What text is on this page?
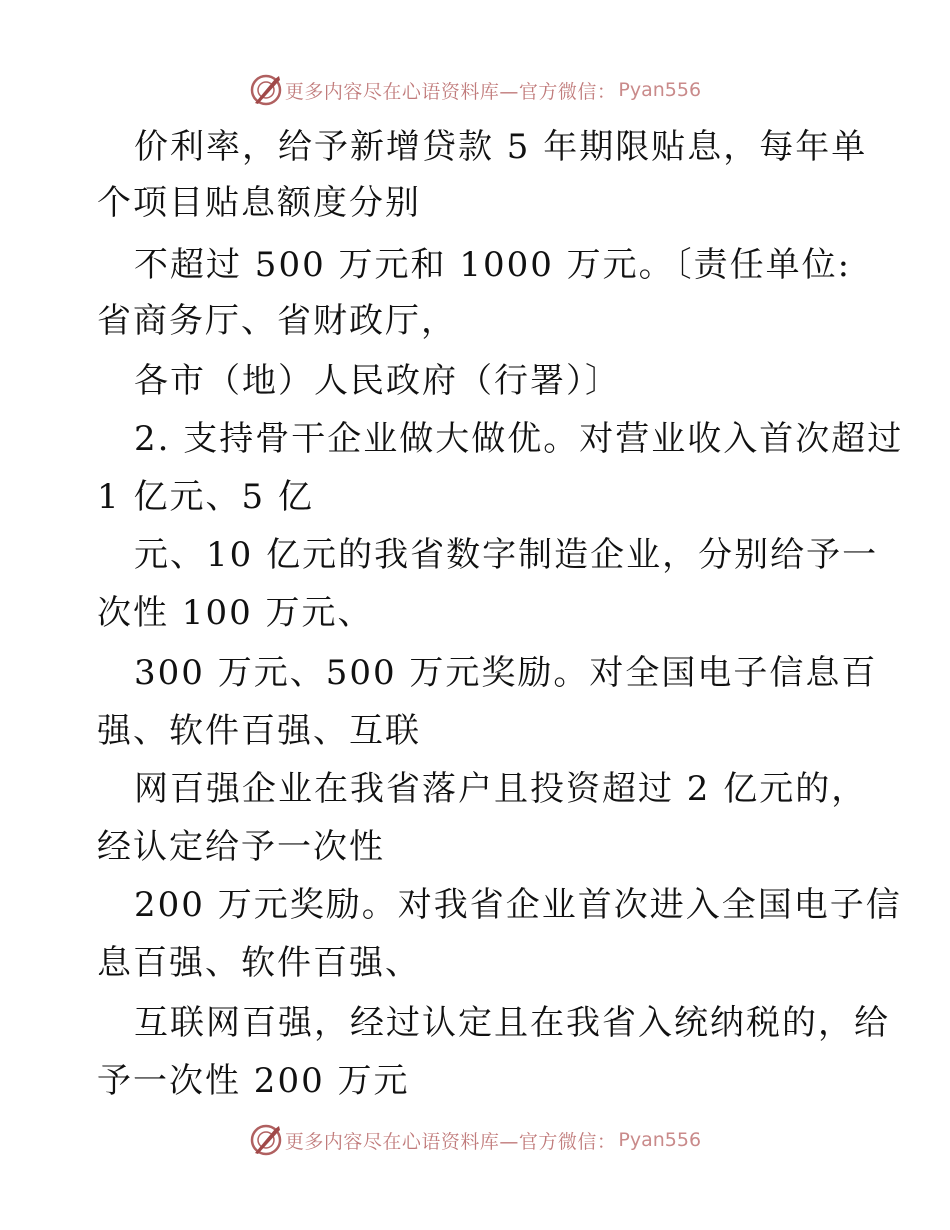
更多内容尽在心语资料库—官方微信： Pyan556
价利率，给予新增贷款 5 年期限贴息，每年单
个项目贴息额度分别
不超过 500 万元和 1000 万元。〔责任单位:
省商务厅、省财政厅，
各市（地）人民政府（行署）〕
2. 支持骨干企业做大做优。对营业收入首次超过
1 亿元、5 亿
元、10 亿元的我省数字制造企业，分别给予一
次性 100 万元、
300 万元、500 万元奖励。对全国电子信息百
强、软件百强、互联
网百强企业在我省落户且投资超过 2 亿元的，
经认定给予一次性
200 万元奖励。对我省企业首次进入全国电子信
息百强、软件百强、
互联网百强，经过认定且在我省入统纳税的，给
予一次性 200 万元
更多内容尽在心语资料库—官方微信： Pyan556
